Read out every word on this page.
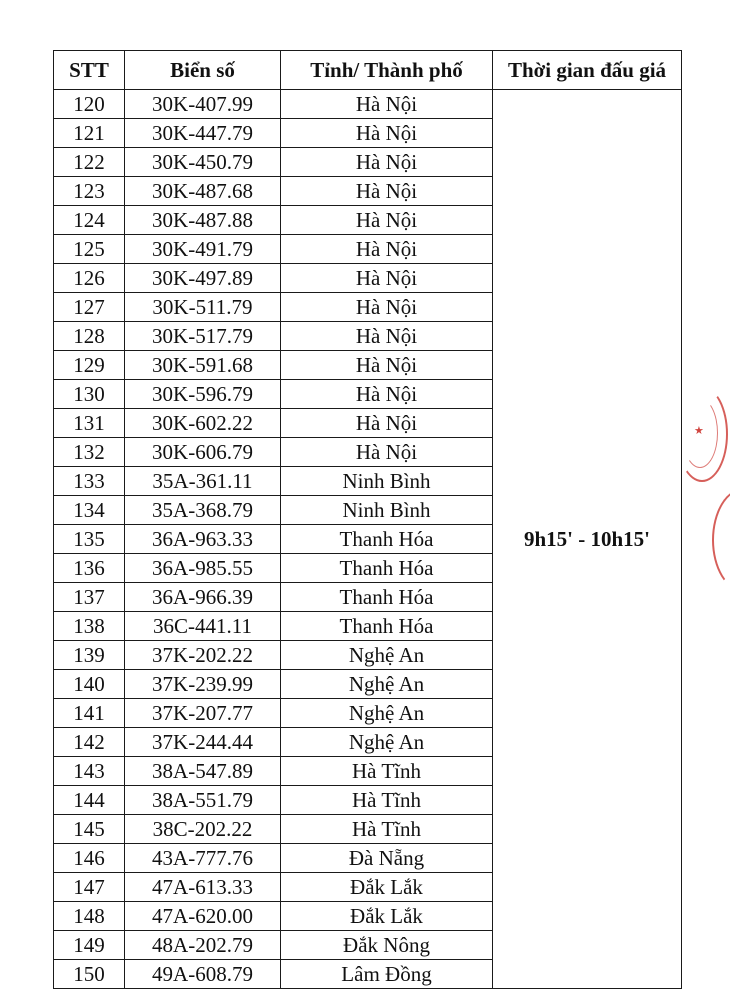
STT	Biển số	Tỉnh/ Thành phố	Thời gian đấu giá
120	30K-407.99	Hà Nội	9h15' - 10h15'
121	30K-447.79	Hà Nội	
122	30K-450.79	Hà Nội	
123	30K-487.68	Hà Nội	
124	30K-487.88	Hà Nội	
125	30K-491.79	Hà Nội	
126	30K-497.89	Hà Nội	
127	30K-511.79	Hà Nội	
128	30K-517.79	Hà Nội	
129	30K-591.68	Hà Nội	
130	30K-596.79	Hà Nội	
131	30K-602.22	Hà Nội	
132	30K-606.79	Hà Nội	
133	35A-361.11	Ninh Bình	
134	35A-368.79	Ninh Bình	
135	36A-963.33	Thanh Hóa	
136	36A-985.55	Thanh Hóa	
137	36A-966.39	Thanh Hóa	
138	36C-441.11	Thanh Hóa	
139	37K-202.22	Nghệ An	
140	37K-239.99	Nghệ An	
141	37K-207.77	Nghệ An	
142	37K-244.44	Nghệ An	
143	38A-547.89	Hà Tĩnh	
144	38A-551.79	Hà Tĩnh	
145	38C-202.22	Hà Tĩnh	
146	43A-777.76	Đà Nẵng	
147	47A-613.33	Đắk Lắk	
148	47A-620.00	Đắk Lắk	
149	48A-202.79	Đắk Nông	
150	49A-608.79	Lâm Đồng	
★
